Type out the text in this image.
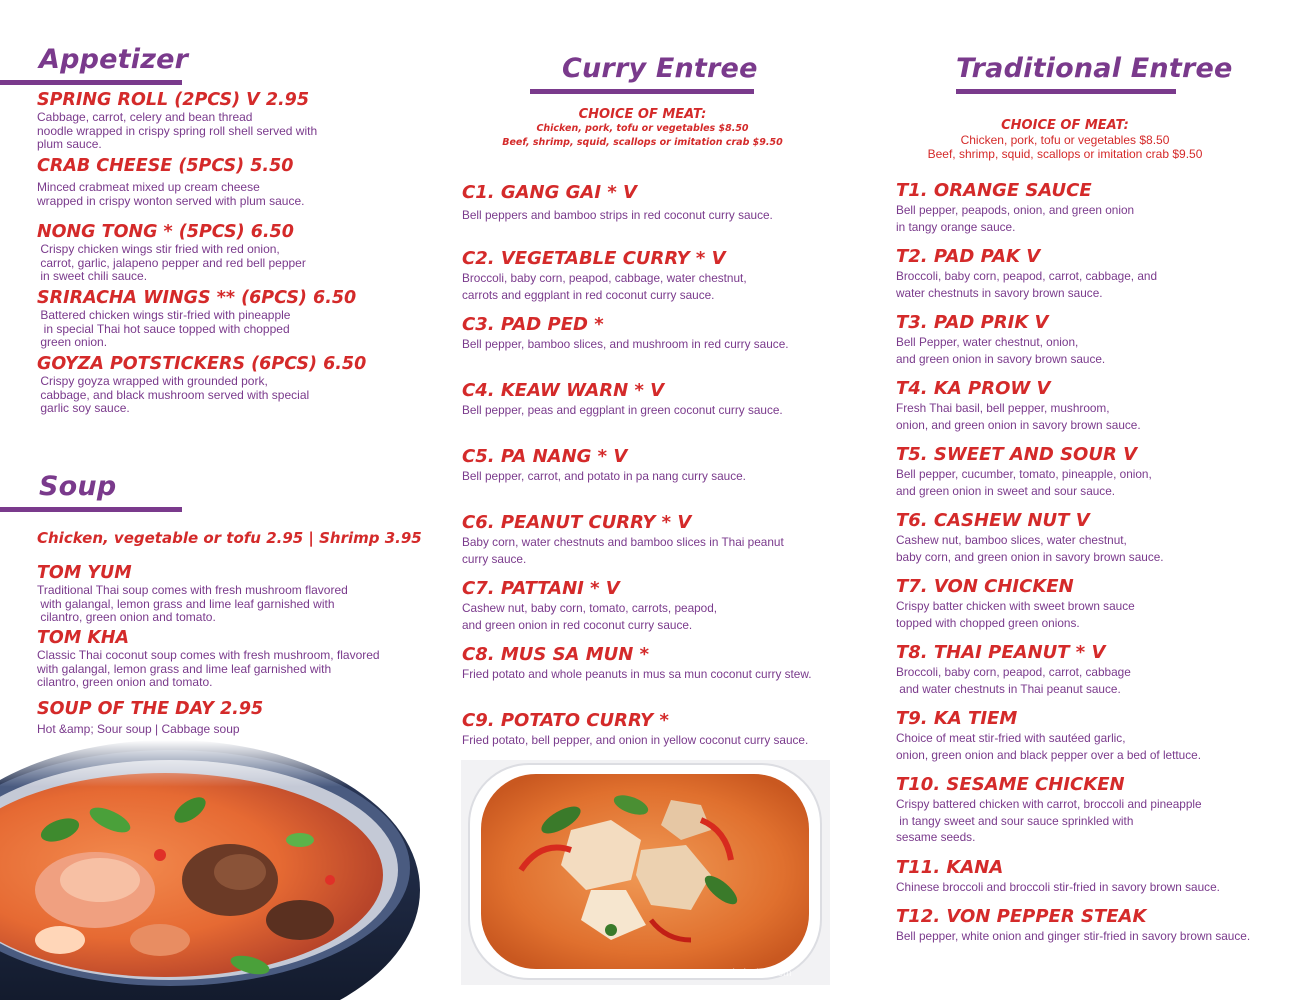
Appetizer
SPRING ROLL (2PCS) V 2.95
Cabbage, carrot, celery and bean thread
noodle wrapped in crispy spring roll shell served with
plum sauce.
CRAB CHEESE (5PCS) 5.50
Minced crabmeat mixed up cream cheese
wrapped in crispy wonton served with plum sauce.
NONG TONG * (5PCS) 6.50
Crispy chicken wings stir fried with red onion,
carrot, garlic, jalapeno pepper and red bell pepper
in sweet chili sauce.
SRIRACHA WINGS ** (6PCS) 6.50
Battered chicken wings stir-fried with pineapple
in special Thai hot sauce topped with chopped
green onion.
GOYZA POTSTICKERS (6PCS) 6.50
Crispy goyza wrapped with grounded pork,
cabbage, and black mushroom served with special
garlic soy sauce.
Soup
Chicken, vegetable or tofu 2.95 | Shrimp 3.95
TOM YUM
Traditional Thai soup comes with fresh mushroom flavored
with galangal, lemon grass and lime leaf garnished with
cilantro, green onion and tomato.
TOM KHA
Classic Thai coconut soup comes with fresh mushroom, flavored
with galangal, lemon grass and lime leaf garnished with
cilantro, green onion and tomato.
SOUP OF THE DAY 2.95
Hot &amp; Sour soup | Cabbage soup
Curry Entree
CHOICE OF MEAT:
Chicken, pork, tofu or vegetables $8.50
Beef, shrimp, squid, scallops or imitation crab $9.50
C1. GANG GAI * V
Bell peppers and bamboo strips in red coconut curry sauce.
C2. VEGETABLE CURRY * V
Broccoli, baby corn, peapod, cabbage, water chestnut,
carrots and eggplant in red coconut curry sauce.
C3. PAD PED *
Bell pepper, bamboo slices, and mushroom in red curry sauce.
C4. KEAW WARN * V
Bell pepper, peas and eggplant in green coconut curry sauce.
C5. PA NANG * V
Bell pepper, carrot, and potato in pa nang curry sauce.
C6. PEANUT CURRY * V
Baby corn, water chestnuts and bamboo slices in Thai peanut
curry sauce.
C7. PATTANI * V
Cashew nut, baby corn, tomato, carrots, peapod,
and green onion in red coconut curry sauce.
C8. MUS SA MUN *
Fried potato and whole peanuts in mus sa mun coconut curry stew.
C9. POTATO CURRY *
Fried potato, bell pepper, and onion in yellow coconut curry sauce.
©ThaiTable.com
Traditional Entree
CHOICE OF MEAT:
Chicken, pork, tofu or vegetables $8.50
Beef, shrimp, squid, scallops or imitation crab $9.50
T1. ORANGE SAUCE
Bell pepper, peapods, onion, and green onion
in tangy orange sauce.
T2. PAD PAK V
Broccoli, baby corn, peapod, carrot, cabbage, and
water chestnuts in savory brown sauce.
T3. PAD PRIK V
Bell Pepper, water chestnut, onion,
and green onion in savory brown sauce.
T4. KA PROW V
Fresh Thai basil, bell pepper, mushroom,
onion, and green onion in savory brown sauce.
T5. SWEET AND SOUR V
Bell pepper, cucumber, tomato, pineapple, onion,
and green onion in sweet and sour sauce.
T6. CASHEW NUT V
Cashew nut, bamboo slices, water chestnut,
baby corn, and green onion in savory brown sauce.
T7. VON CHICKEN
Crispy batter chicken with sweet brown sauce
topped with chopped green onions.
T8. THAI PEANUT * V
Broccoli, baby corn, peapod, carrot, cabbage
and water chestnuts in Thai peanut sauce.
T9. KA TIEM
Choice of meat stir-fried with sautéed garlic,
onion, green onion and black pepper over a bed of lettuce.
T10. SESAME CHICKEN
Crispy battered chicken with carrot, broccoli and pineapple
in tangy sweet and sour sauce sprinkled with
sesame seeds.
T11. KANA
Chinese broccoli and broccoli stir-fried in savory brown sauce.
T12. VON PEPPER STEAK
Bell pepper, white onion and ginger stir-fried in savory brown sauce.
